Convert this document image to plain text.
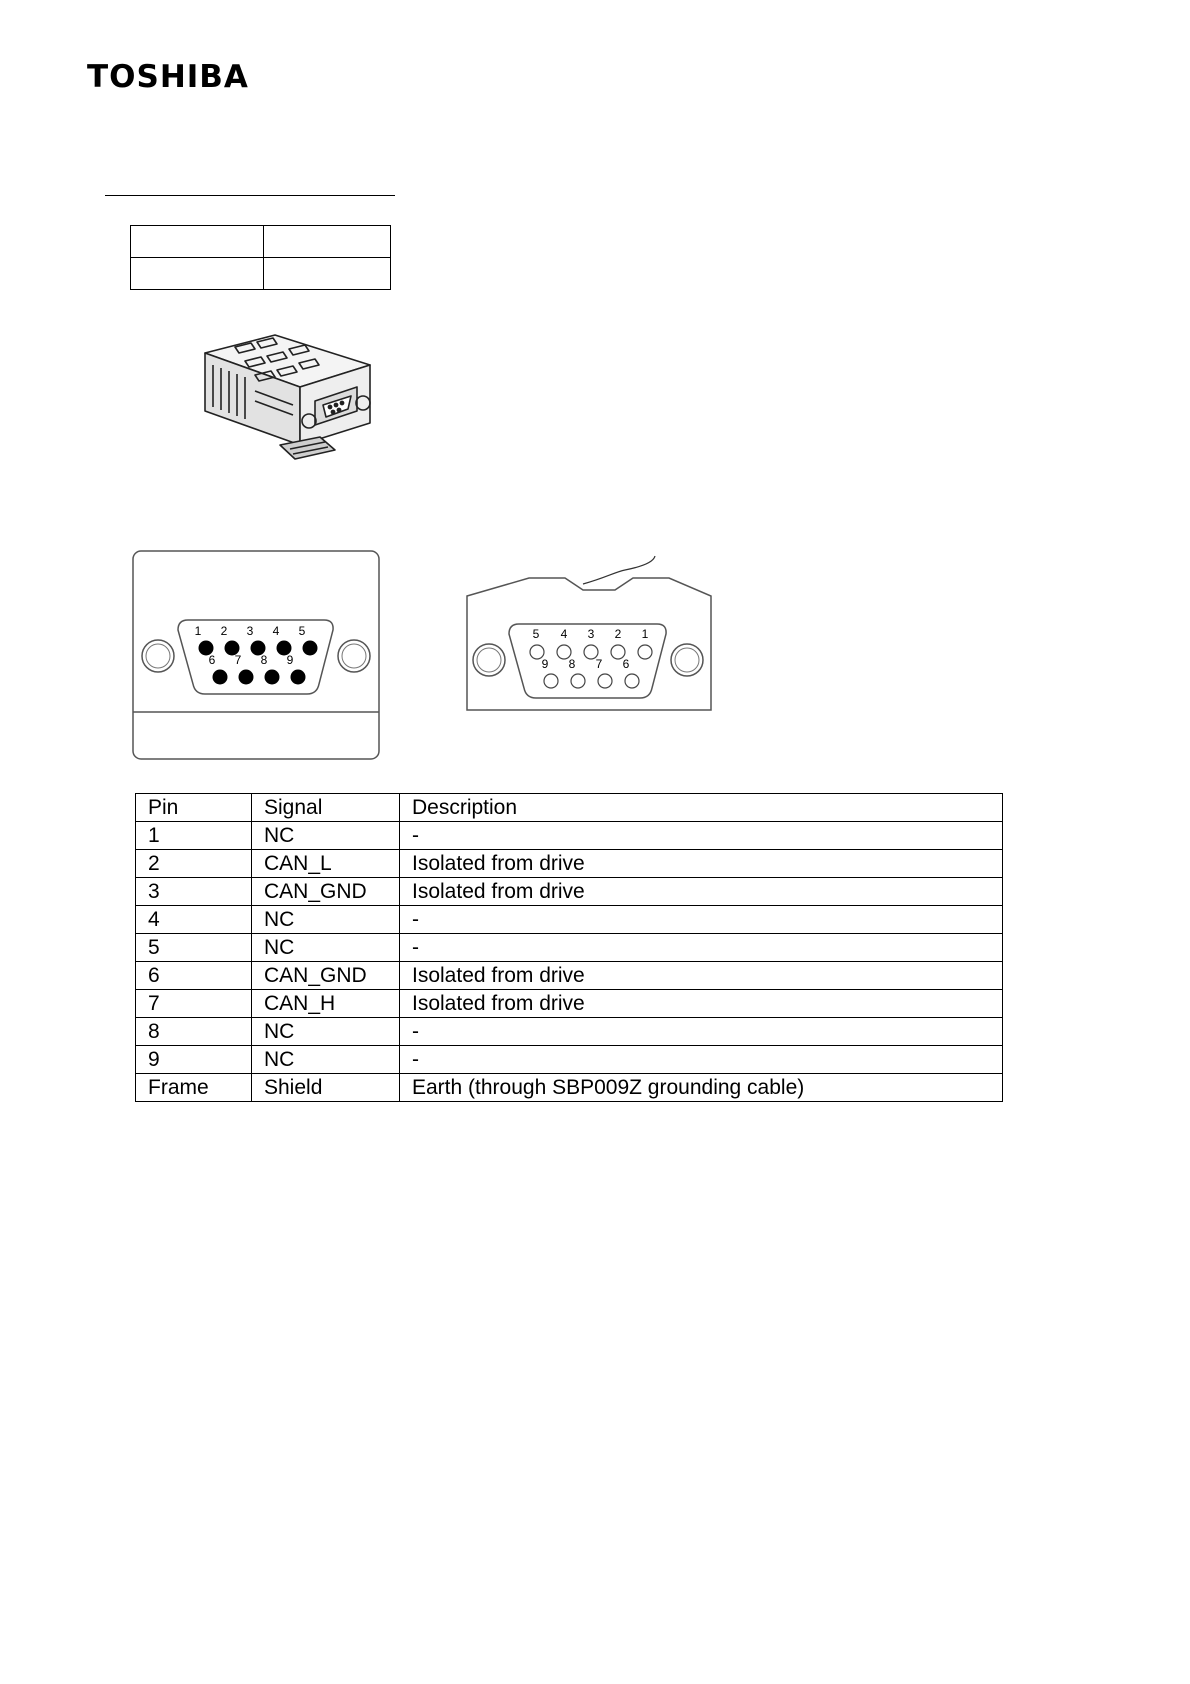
TOSHIBA

1 2 3 4 5
6 7 8 9
5 4 3 2 1
9 8 7 6
Pin	Signal	Description
1	NC	-
2	CAN_L	Isolated from drive
3	CAN_GND	Isolated from drive
4	NC	-
5	NC	-
6	CAN_GND	Isolated from drive
7	CAN_H	Isolated from drive
8	NC	-
9	NC	-
Frame	Shield	Earth (through SBP009Z grounding cable)
